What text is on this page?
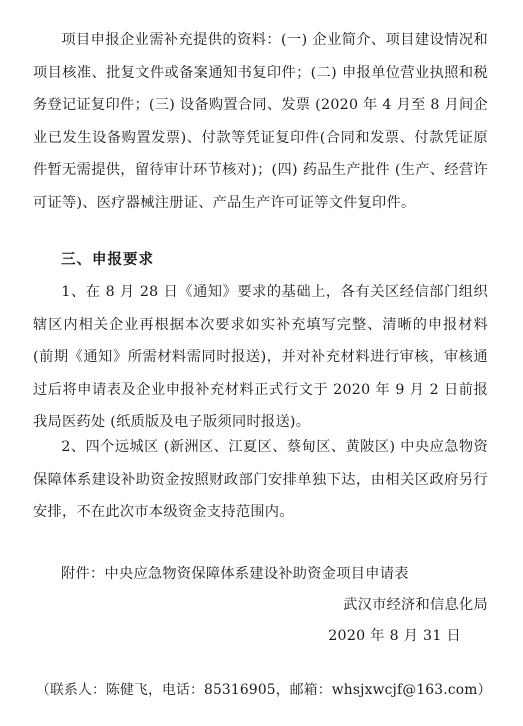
项目申报企业需补充提供的资料：(一) 企业简介、项目建设情况和项目核准、批复文件或备案通知书复印件；(二) 申报单位营业执照和税务登记证复印件；(三) 设备购置合同、发票 (2020 年 4 月至 8 月间企业已发生设备购置发票)、付款等凭证复印件(合同和发票、付款凭证原件暂无需提供，留待审计环节核对)；(四) 药品生产批件 (生产、经营许可证等)、医疗器械注册证、产品生产许可证等文件复印件。

三、申报要求

1、在 8 月 28 日《通知》要求的基础上，各有关区经信部门组织辖区内相关企业再根据本次要求如实补充填写完整、清晰的申报材料 (前期《通知》所需材料需同时报送)，并对补充材料进行审核，审核通过后将申请表及企业申报补充材料正式行文于 2020 年 9 月 2 日前报我局医药处 (纸质版及电子版须同时报送)。

2、四个远城区 (新洲区、江夏区、蔡甸区、黄陂区) 中央应急物资保障体系建设补助资金按照财政部门安排单独下达，由相关区政府另行安排，不在此次市本级资金支持范围内。

附件：中央应急物资保障体系建设补助资金项目申请表

武汉市经济和信息化局

2020 年 8 月 31 日

（联系人：陈健飞，电话：85316905，邮箱：whsjxwcjf@163.com）
